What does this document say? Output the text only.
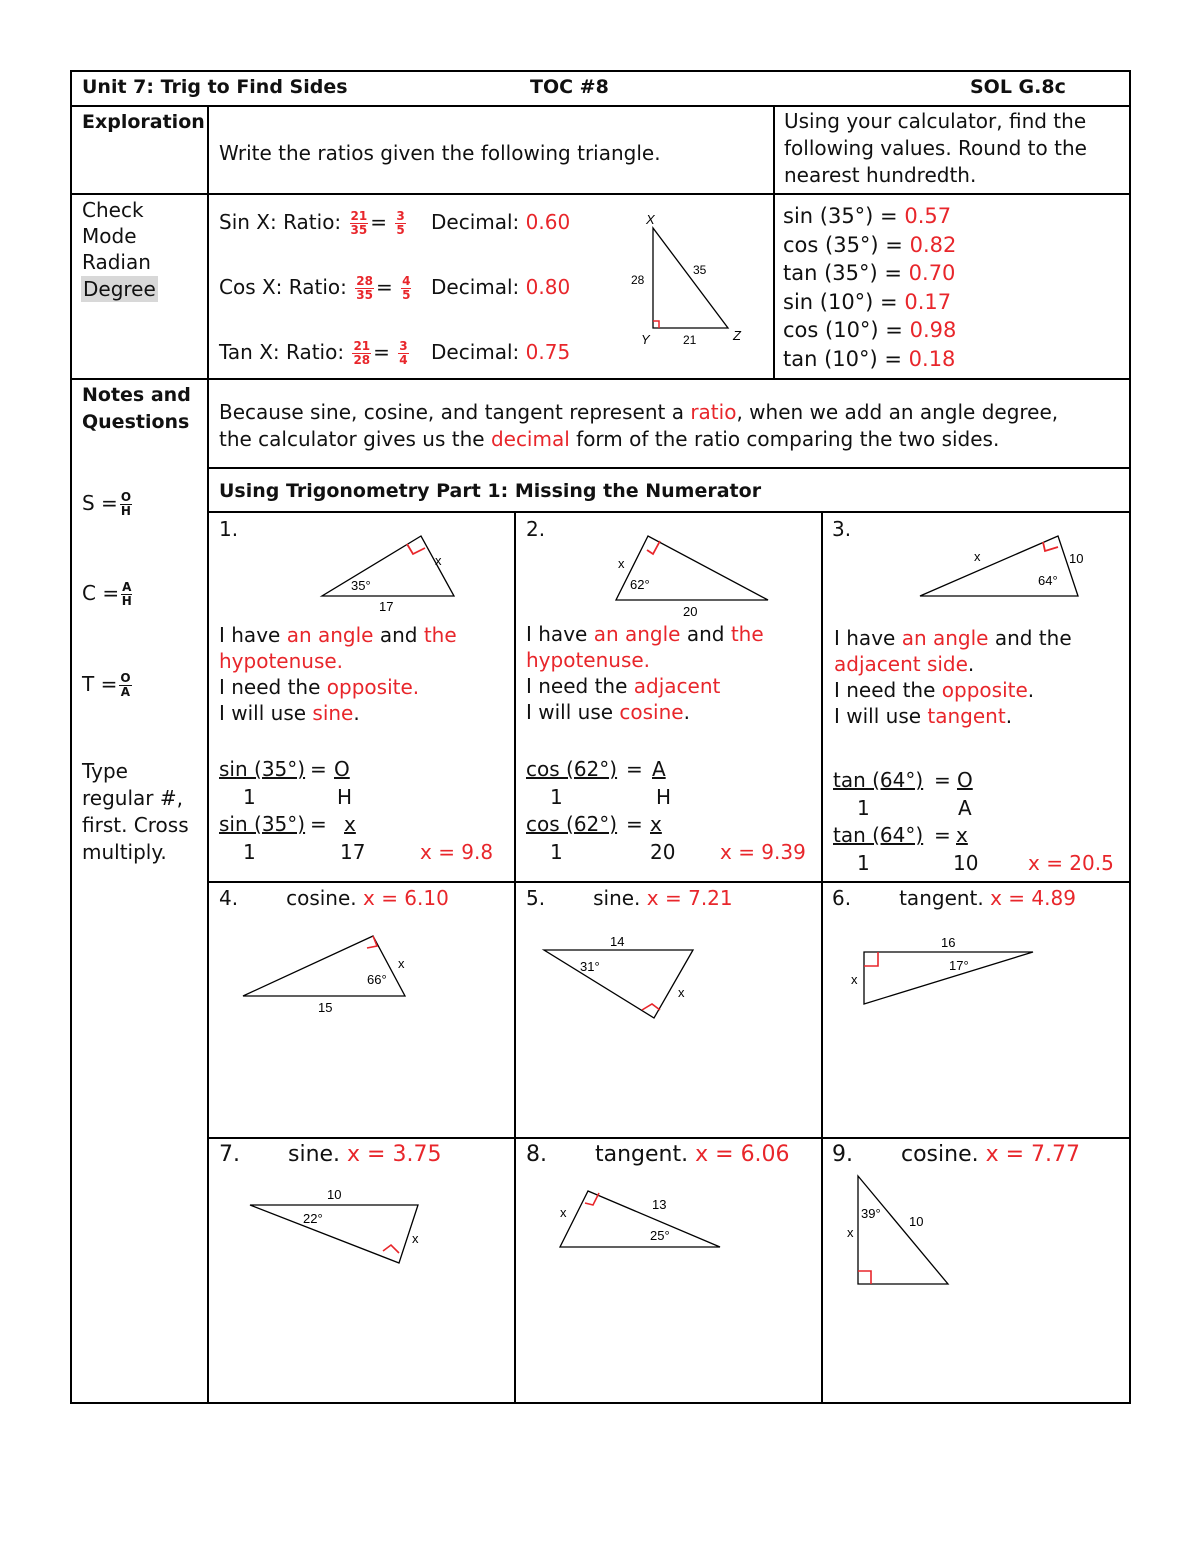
Unit 7: Trig to Find Sides	TOC #8	SOL G.8c
Exploration
Write the ratios given the following triangle.
Using your calculator, find the following values. Round to the nearest hundredth.
Check
Mode
Radian
Degree
Sin X: Ratio: $\frac{21}{35} = \frac{3}{5}$ Decimal: 0.60
Cos X: Ratio: $\frac{28}{35} = \frac{4}{5}$ Decimal: 0.80
Tan X: Ratio: $\frac{21}{28} = \frac{3}{4}$ Decimal: 0.75
X
Y	Z
28
35
21
sin (35°) = 0.57
cos (35°) = 0.82
tan (35°) = 0.70
sin (10°) = 0.17
cos (10°) = 0.98
tan (10°) = 0.18
Notes and Questions
$S = \frac{O}{H}$
$C = \frac{A}{H}$
$T = \frac{O}{A}$
Type
regular #,
first. Cross
multiply.
Because sine, cosine, and tangent represent a ratio, when we add an angle degree,
the calculator gives us the decimal form of the ratio comparing the two sides.
Using Trigonometry Part 1: Missing the Numerator
1.
35°
17
x
I have an angle and the
hypotenuse.
I need the opposite.
I will use sine.
sin (35°) = O
1	H
sin (35°) = x
1	17	x = 9.8
2.
62°
20
x
I have an angle and the
hypotenuse.
I need the adjacent
I will use cosine.
cos (62°) = A
1	H
cos (62°) = x
1	20 x = 9.39
3.
64°
10
x
I have an angle and the
adjacent side.
I need the opposite.
I will use tangent.
tan (64°) = O
1	A
tan (64°) = x
1	10 x = 20.5
4. cosine. x = 6.10
66°
15
x
5. sine. x = 7.21
31°
14
x
6. tangent. x = 4.89
17°
16
x
7. sine. x = 3.75
22°
10
x
8. tangent. x = 6.06
25°
13
x
9. cosine. x = 7.77
39°
10
x
